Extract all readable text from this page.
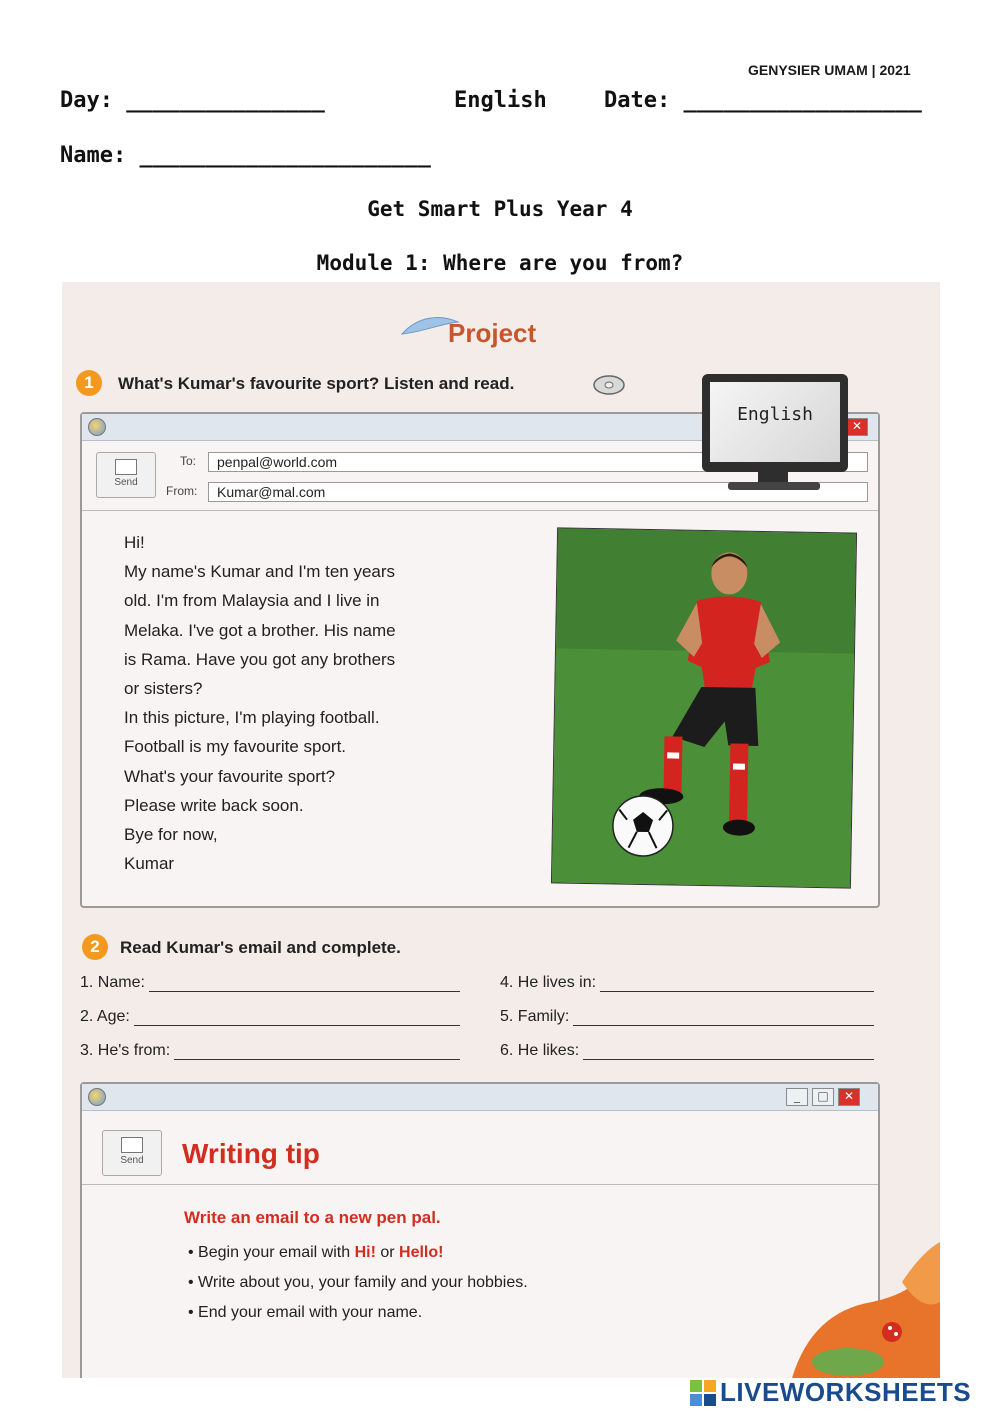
GENYSIER UMAM | 2021
Day: _______________	English	Date: __________________
Name: ______________________
Get Smart Plus Year 4
Module 1: Where are you from?
Project
1	What's Kumar's favourite sport? Listen and read.
✕
Send
To:	penpal@world.com
From:	Kumar@mal.com
Hi!
My name's Kumar and I'm ten years
old. I'm from Malaysia and I live in
Melaka. I've got a brother. His name
is Rama. Have you got any brothers
or sisters?
In this picture, I'm playing football.
Football is my favourite sport.
What's your favourite sport?
Please write back soon.
Bye for now,
Kumar
English
2	Read Kumar's email and complete.
1. Name:
2. Age:
3. He's from:
4. He lives in:
5. Family:
6. He likes:
_	□	✕
Send	Writing tip
Write an email to a new pen pal.
• Begin your email with Hi! or Hello!
• Write about you, your family and your hobbies.
• End your email with your name.
LIVEWORKSHEETS
